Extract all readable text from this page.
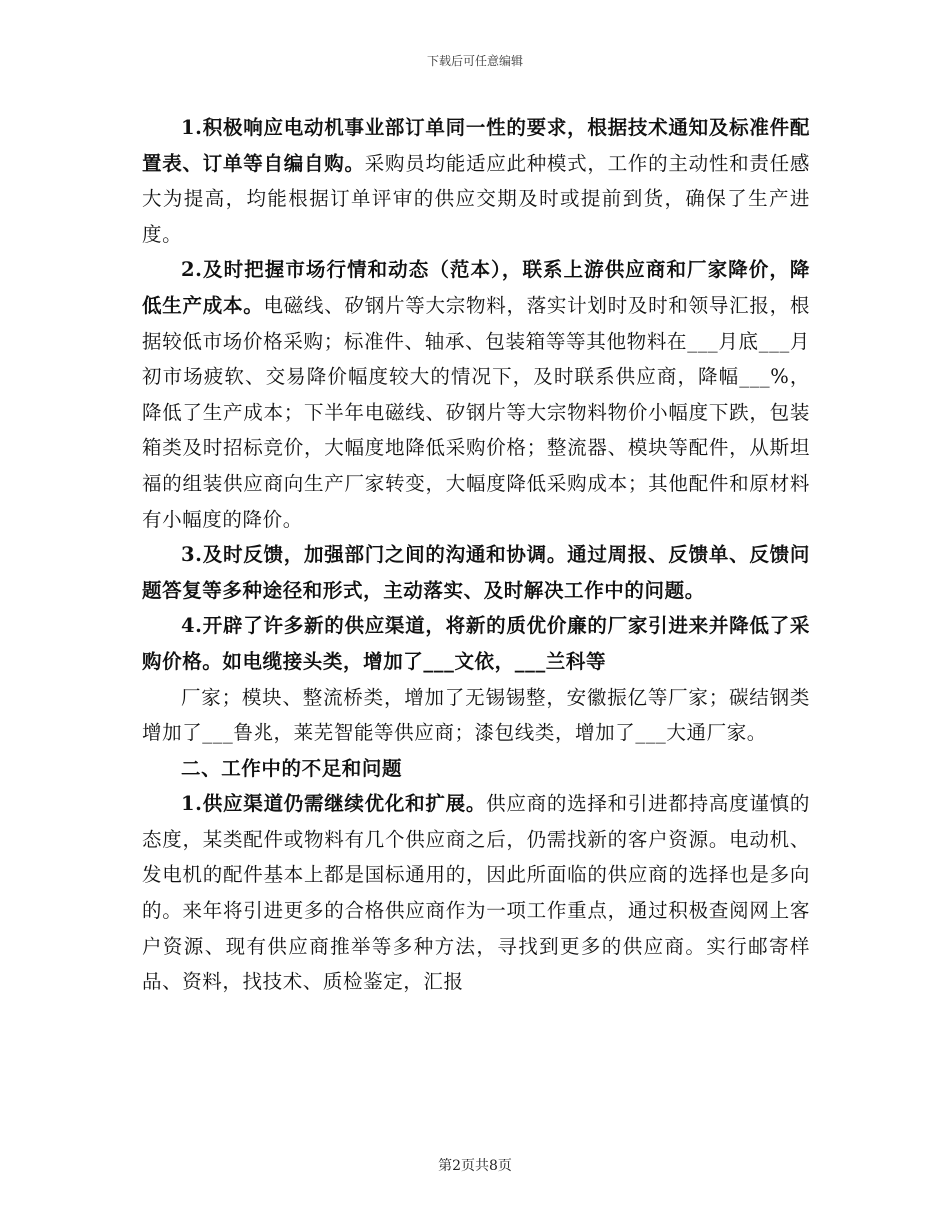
下载后可任意编辑

1.积极响应电动机事业部订单同一性的要求，根据技术通知及标准件配置表、订单等自编自购。采购员均能适应此种模式，工作的主动性和责任感大为提高，均能根据订单评审的供应交期及时或提前到货，确保了生产进度。

2.及时把握市场行情和动态（范本），联系上游供应商和厂家降价，降低生产成本。电磁线、矽钢片等大宗物料，落实计划时及时和领导汇报，根据较低市场价格采购；标准件、轴承、包装箱等等其他物料在___月底___月初市场疲软、交易降价幅度较大的情况下，及时联系供应商，降幅___%，降低了生产成本；下半年电磁线、矽钢片等大宗物料物价小幅度下跌，包装箱类及时招标竞价，大幅度地降低采购价格；整流器、模块等配件，从斯坦福的组装供应商向生产厂家转变，大幅度降低采购成本；其他配件和原材料有小幅度的降价。

3.及时反馈，加强部门之间的沟通和协调。通过周报、反馈单、反馈问题答复等多种途径和形式，主动落实、及时解决工作中的问题。

4.开辟了许多新的供应渠道，将新的质优价廉的厂家引进来并降低了采购价格。如电缆接头类，增加了___文依，___兰科等

厂家；模块、整流桥类，增加了无锡锡整，安徽振亿等厂家；碳结钢类增加了___鲁兆，莱芜智能等供应商；漆包线类，增加了___大通厂家。

二、工作中的不足和问题

1.供应渠道仍需继续优化和扩展。供应商的选择和引进都持高度谨慎的态度，某类配件或物料有几个供应商之后，仍需找新的客户资源。电动机、发电机的配件基本上都是国标通用的，因此所面临的供应商的选择也是多向的。来年将引进更多的合格供应商作为一项工作重点，通过积极查阅网上客户资源、现有供应商推举等多种方法，寻找到更多的供应商。实行邮寄样品、资料，找技术、质检鉴定，汇报

第2页共8页
